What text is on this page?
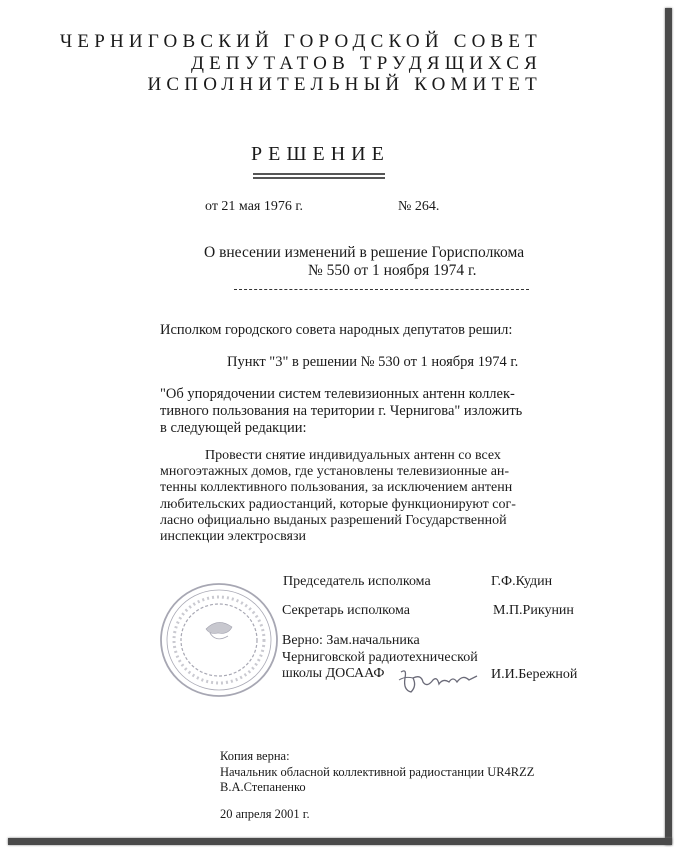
ЧЕРНИГОВСКИЙ ГОРОДСКОЙ СОВЕТ
ДЕПУТАТОВ ТРУДЯЩИХСЯ
ИСПОЛНИТЕЛЬНЫЙ КОМИТЕТ
РЕШЕНИЕ
от 21 мая 1976 г.	№ 264.
О внесении изменений в решение Горисполкома
№ 550 от 1 ноября 1974 г.
Исполком городского совета народных депутатов решил:
Пункт "3" в решении № 530 от 1 ноября 1974 г.
"Об упорядочении систем телевизионных антенн коллек-
тивного пользования на територии г. Чернигова" изложить
в следующей редакции:
Провести снятие индивидуальных антенн со всех
многоэтажных домов, где установлены телевизионные ан-
тенны коллективного пользования, за исключением антенн
любительских радиостанций, которые функционируют сог-
ласно официально выданых разрешений Государственной
инспекции электросвязи
Председатель исполкома	Г.Ф.Кудин
Секретарь исполкома	М.П.Рикунин
Верно: Зам.начальника
Черниговской радиотехнической
школы ДОСААФ	И.И.Бережной
Копия верна:
Начальник обласной коллективной радиостанции UR4RZZ
В.А.Степаненко
20 апреля 2001 г.
